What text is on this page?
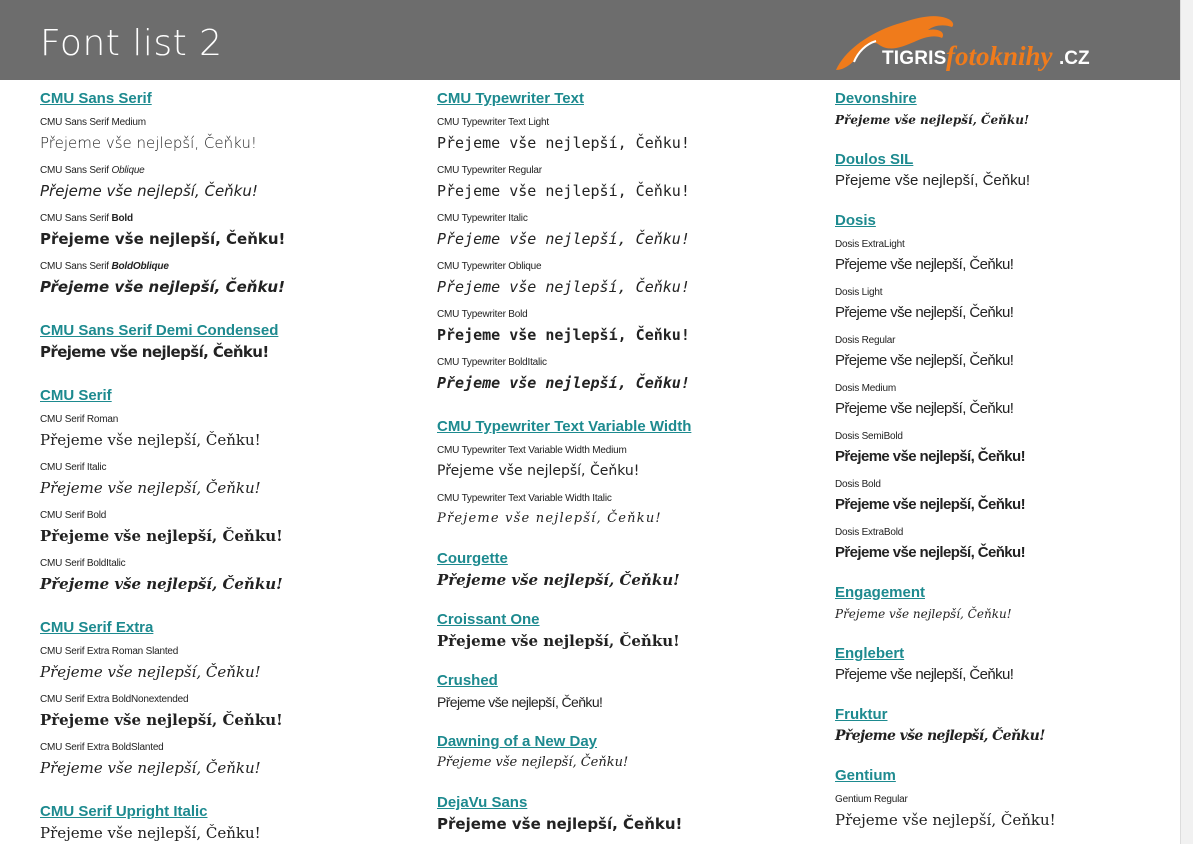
Font list 2	TIGRIS fotoknihy .CZ
CMU Sans Serif
CMU Sans Serif Medium
Přejeme vše nejlepší, Čeňku!
CMU Sans Serif Oblique
Přejeme vše nejlepší, Čeňku!
CMU Sans Serif Bold
Přejeme vše nejlepší, Čeňku!
CMU Sans Serif BoldOblique
Přejeme vše nejlepší, Čeňku!
CMU Sans Serif Demi Condensed
Přejeme vše nejlepší, Čeňku!
CMU Serif
CMU Serif Roman
Přejeme vše nejlepší, Čeňku!
CMU Serif Italic
Přejeme vše nejlepší, Čeňku!
CMU Serif Bold
Přejeme vše nejlepší, Čeňku!
CMU Serif BoldItalic
Přejeme vše nejlepší, Čeňku!
CMU Serif Extra
CMU Serif Extra Roman Slanted
Přejeme vše nejlepší, Čeňku!
CMU Serif Extra BoldNonextended
Přejeme vše nejlepší, Čeňku!
CMU Serif Extra BoldSlanted
Přejeme vše nejlepší, Čeňku!
CMU Serif Upright Italic
Přejeme vše nejlepší, Čeňku!
CMU Typewriter Text
CMU Typewriter Text Light
Přejeme vše nejlepší, Čeňku!
CMU Typewriter Regular
Přejeme vše nejlepší, Čeňku!
CMU Typewriter Italic
Přejeme vše nejlepší, Čeňku!
CMU Typewriter Oblique
Přejeme vše nejlepší, Čeňku!
CMU Typewriter Bold
Přejeme vše nejlepší, Čeňku!
CMU Typewriter BoldItalic
Přejeme vše nejlepší, Čeňku!
CMU Typewriter Text Variable Width
CMU Typewriter Text Variable Width Medium
Přejeme vše nejlepší, Čeňku!
CMU Typewriter Text Variable Width Italic
Přejeme vše nejlepší, Čeňku!
Courgette
Přejeme vše nejlepší, Čeňku!
Croissant One
Přejeme vše nejlepší, Čeňku!
Crushed
Přejeme vše nejlepší, Čeňku!
Dawning of a New Day
Přejeme vše nejlepší, Čeňku!
DejaVu Sans
Přejeme vše nejlepší, Čeňku!
Devonshire
Přejeme vše nejlepší, Čeňku!
Doulos SIL
Přejeme vše nejlepší, Čeňku!
Dosis
Dosis ExtraLight
Přejeme vše nejlepší, Čeňku!
Dosis Light
Přejeme vše nejlepší, Čeňku!
Dosis Regular
Přejeme vše nejlepší, Čeňku!
Dosis Medium
Přejeme vše nejlepší, Čeňku!
Dosis SemiBold
Přejeme vše nejlepší, Čeňku!
Dosis Bold
Přejeme vše nejlepší, Čeňku!
Dosis ExtraBold
Přejeme vše nejlepší, Čeňku!
Engagement
Přejeme vše nejlepší, Čeňku!
Englebert
Přejeme vše nejlepší, Čeňku!
Fruktur
Přejeme vše nejlepší, Čeňku!
Gentium
Gentium Regular
Přejeme vše nejlepší, Čeňku!
